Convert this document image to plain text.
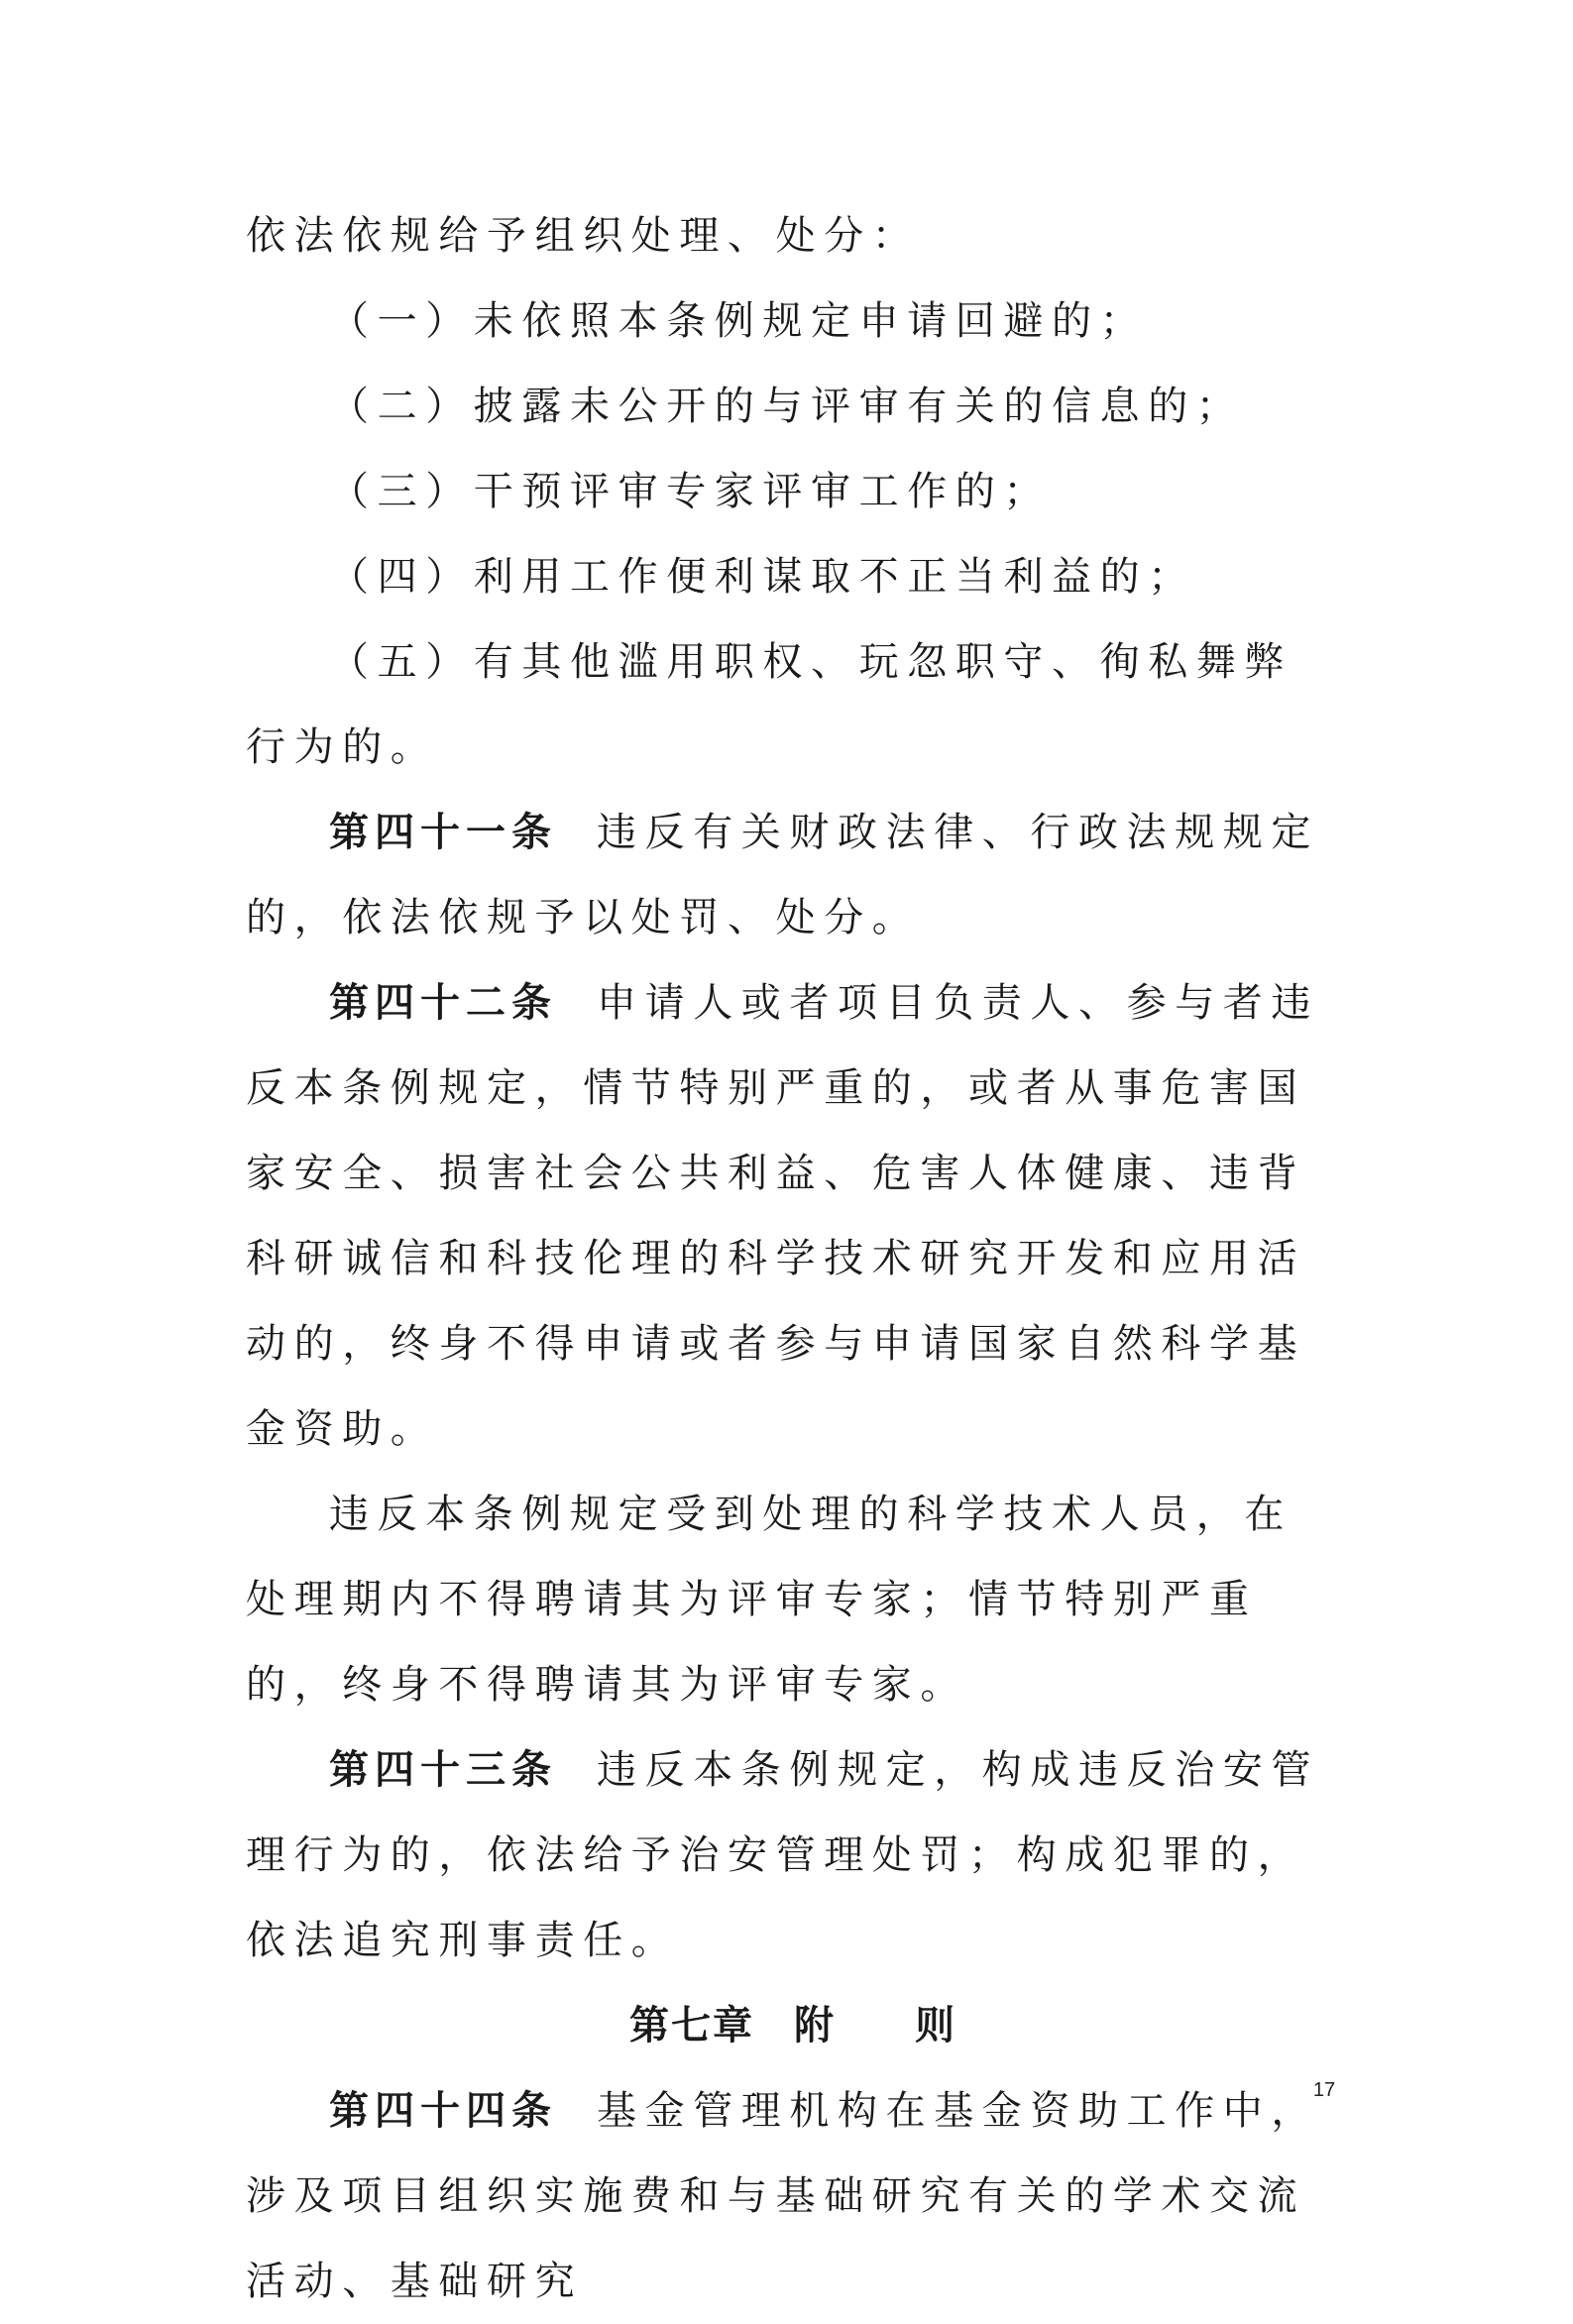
依法依规给予组织处理、处分：

（一）未依照本条例规定申请回避的；

（二）披露未公开的与评审有关的信息的；

（三）干预评审专家评审工作的；

（四）利用工作便利谋取不正当利益的；

（五）有其他滥用职权、玩忽职守、徇私舞弊行为的。

第四十一条 违反有关财政法律、行政法规规定的，依法依规予以处罚、处分。

第四十二条 申请人或者项目负责人、参与者违反本条例规定，情节特别严重的，或者从事危害国家安全、损害社会公共利益、危害人体健康、违背科研诚信和科技伦理的科学技术研究开发和应用活动的，终身不得申请或者参与申请国家自然科学基金资助。

违反本条例规定受到处理的科学技术人员，在处理期内不得聘请其为评审专家；情节特别严重的，终身不得聘请其为评审专家。

第四十三条 违反本条例规定，构成违反治安管理行为的，依法给予治安管理处罚；构成犯罪的，依法追究刑事责任。

第七章 附 则

第四十四条 基金管理机构在基金资助工作中，涉及项目组织实施费和与基础研究有关的学术交流活动、基础研究

17
